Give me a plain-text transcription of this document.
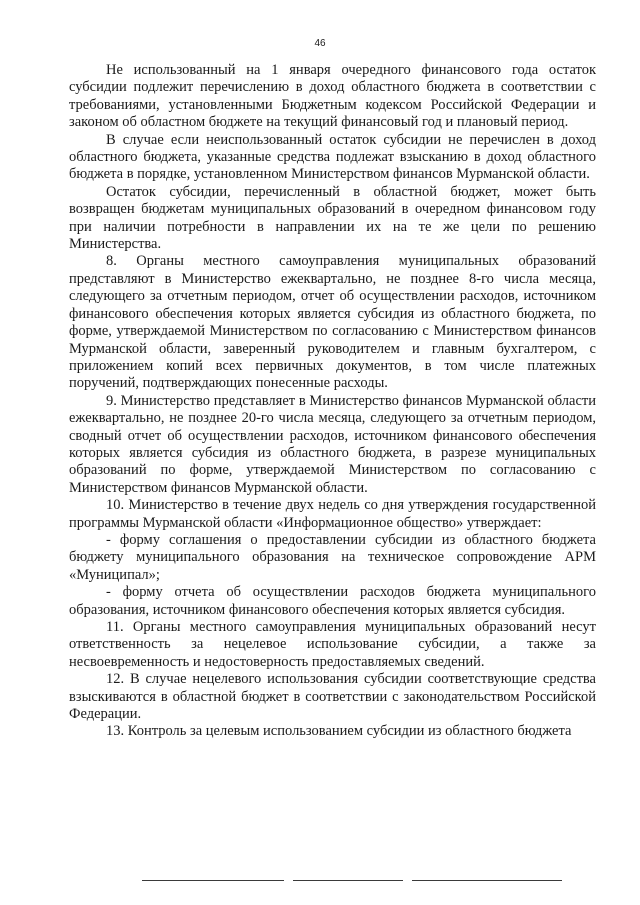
46

Не использованный на 1 января очередного финансового года остаток субсидии подлежит перечислению в доход областного бюджета в соответствии с требованиями, установленными Бюджетным кодексом Российской Федерации и законом об областном бюджете на текущий финансовый год и плановый период.

В случае если неиспользованный остаток субсидии не перечислен в доход областного бюджета, указанные средства подлежат взысканию в доход областного бюджета в порядке, установленном Министерством финансов Мурманской области.

Остаток субсидии, перечисленный в областной бюджет, может быть возвращен бюджетам муниципальных образований в очередном финансовом году при наличии потребности в направлении их на те же цели по решению Министерства.

8. Органы местного самоуправления муниципальных образований представляют в Министерство ежеквартально, не позднее 8-го числа месяца, следующего за отчетным периодом, отчет об осуществлении расходов, источником финансового обеспечения которых является субсидия из областного бюджета, по форме, утверждаемой Министерством по согласованию с Министерством финансов Мурманской области, заверенный руководителем и главным бухгалтером, с приложением копий всех первичных документов, в том числе платежных поручений, подтверждающих понесенные расходы.

9. Министерство представляет в Министерство финансов Мурманской области ежеквартально, не позднее 20-го числа месяца, следующего за отчетным периодом, сводный отчет об осуществлении расходов, источником финансового обеспечения которых является субсидия из областного бюджета, в разрезе муниципальных образований по форме, утверждаемой Министерством по согласованию с Министерством финансов Мурманской области.

10. Министерство в течение двух недель со дня утверждения государственной программы Мурманской области «Информационное общество» утверждает:

- форму соглашения о предоставлении субсидии из областного бюджета бюджету муниципального образования на техническое сопровождение АРМ «Муниципал»;

- форму отчета об осуществлении расходов бюджета муниципального образования, источником финансового обеспечения которых является субсидия.

11. Органы местного самоуправления муниципальных образований несут ответственность за нецелевое использование субсидии, а также за несвоевременность и недостоверность предоставляемых сведений.

12. В случае нецелевого использования субсидии соответствующие средства взыскиваются в областной бюджет в соответствии с законодательством Российской Федерации.

13. Контроль за целевым использованием субсидии из областного бюджета
